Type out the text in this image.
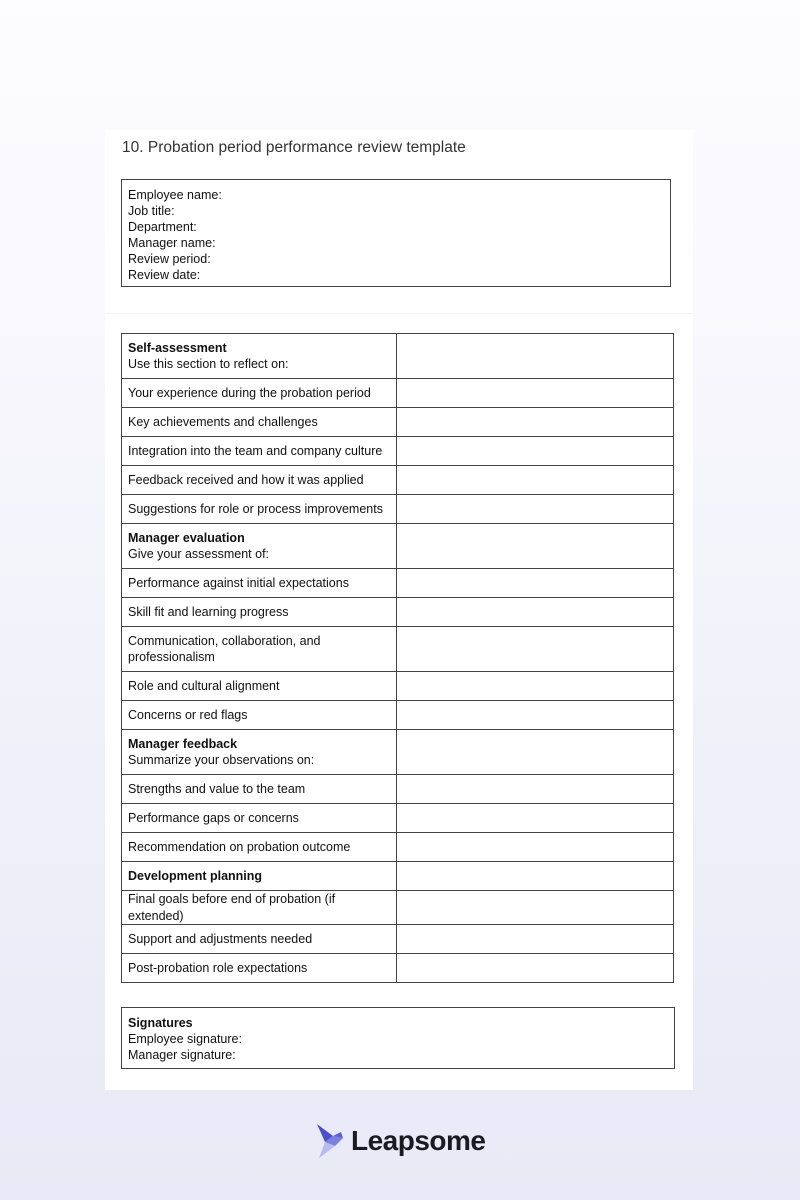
10. Probation period performance review template
Employee name:
Job title:
Department:
Manager name:
Review period:
Review date:
Self-assessment
Use this section to reflect on:	
Your experience during the probation period	
Key achievements and challenges	
Integration into the team and company culture	
Feedback received and how it was applied	
Suggestions for role or process improvements	

Manager evaluation
Give your assessment of:	
Performance against initial expectations	
Skill fit and learning progress	
Communication, collaboration, and professionalism	
Role and cultural alignment	
Concerns or red flags	

Manager feedback
Summarize your observations on:	
Strengths and value to the team	
Performance gaps or concerns	
Recommendation on probation outcome	

Development planning	

Final goals before end of probation (if extended)	
Support and adjustments needed	
Post-probation role expectations	
Signatures
Employee signature:
Manager signature:
Leapsome
